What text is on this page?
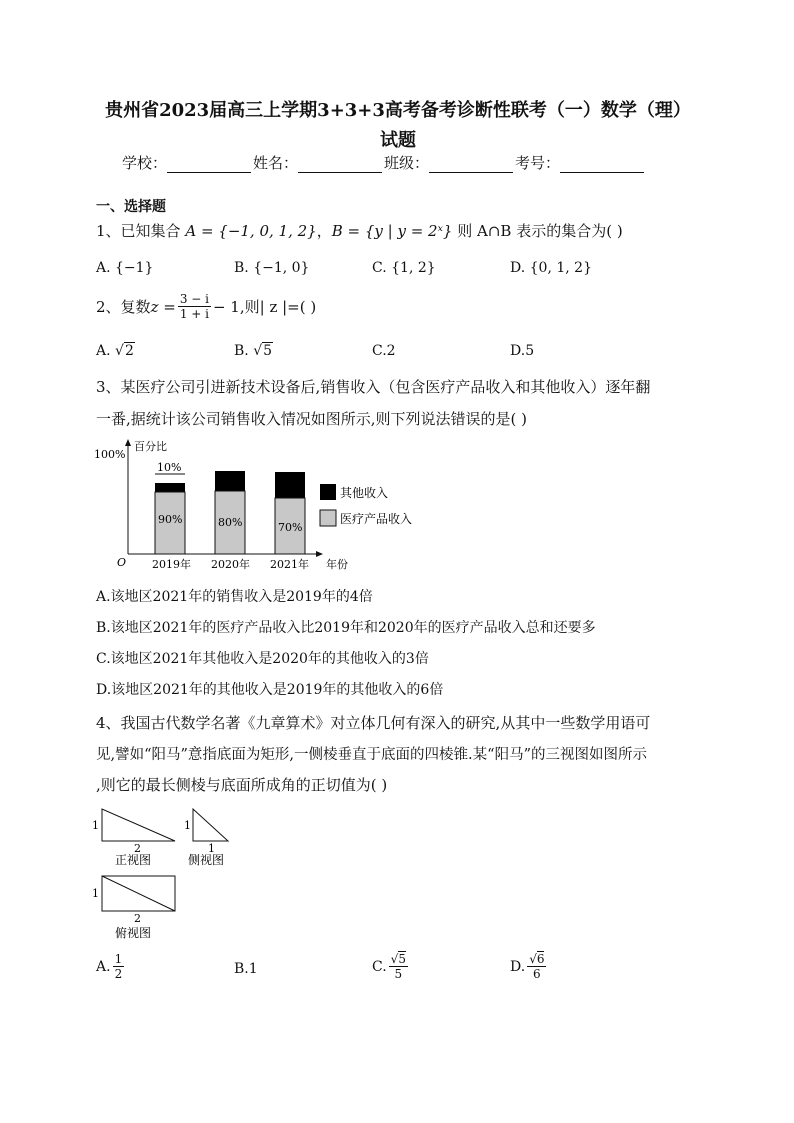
贵州省2023届高三上学期3+3+3高考备考诊断性联考（一）数学（理）试题
学校：	姓名：	班级：	考号：
一、选择题
1、已知集合 A = {−1, 0, 1, 2}，B = {y | y = 2ˣ} 则 A∩B 表示的集合为( )
A. {−1}	B. {−1, 0}	C. {1, 2}	D. {0, 1, 2}
2、 复数 $z = \frac{3 - i}{1 + i} - 1$ ,则| z |=( )
A. √2	B. √5	C.2	D.5
3、某医疗公司引进新技术设备后,销售收入（包含医疗产品收入和其他收入）逐年翻
一番,据统计该公司销售收入情况如图所示,则下列说法错误的是( )
100%
百分比
O	年份
10%
90%
2019年
80%
2020年
70%
2021年
其他收入
医疗产品收入
A.该地区2021年的销售收入是2019年的4倍
B.该地区2021年的医疗产品收入比2019年和2020年的医疗产品收入总和还要多
C.该地区2021年其他收入是2020年的其他收入的3倍
D.该地区2021年的其他收入是2019年的其他收入的6倍
4、我国古代数学名著《九章算术》对立体几何有深入的研究,从其中一些数学用语可
见,譬如“阳马”意指底面为矩形,一侧棱垂直于底面的四棱锥.某“阳马”的三视图如图所示
,则它的最长侧棱与底面所成角的正切值为( )
1
2
正视图
1
1
侧视图
1
2
俯视图
A. $\frac{1}{2}$	B.1	C. $\frac{√5}{5}$	D. $\frac{√6}{6}$
